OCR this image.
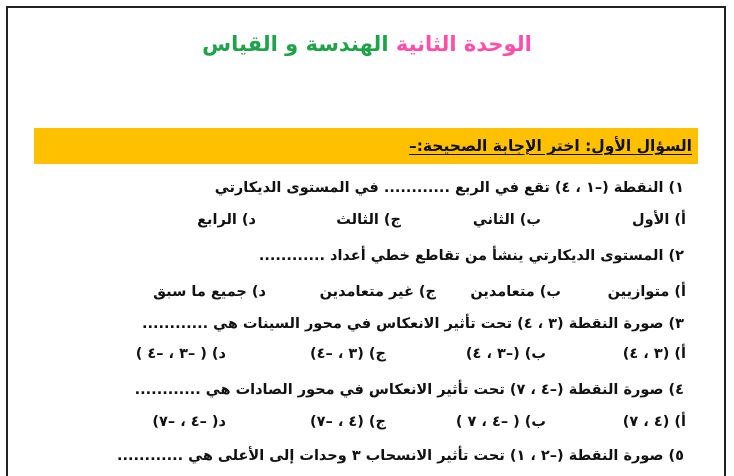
الوحدة الثانية الهندسة و القياس
السؤال الأول: اختر الإجابة الصحيحة:–
١) النقطة (–١ ، ٤) تقع في الربع ............ في المستوى الديكارتي
أ) الأول
ب) الثاني
ج) الثالث
د) الرابع
٢) المستوى الديكارتي ينشأ من تقاطع خطي أعداد ............
أ) متوازيين
ب) متعامدين
ج) غير متعامدين
د) جميع ما سبق
٣) صورة النقطة (٣ ، ٤) تحت تأثير الانعكاس في محور السينات هي ............
أ) (٣ ، ٤)
ب) (–٣ ، ٤)
ج) (٣ ، –٤)
د) ( –٣ ، –٤ )
٤) صورة النقطة (–٤ ، ٧) تحت تأثير الانعكاس في محور الصادات هي ............
أ) (٤ ، ٧)
ب) ( –٤ ، ٧ )
ج) (٤ ، –٧)
د( –٤ ، –٧)
٥) صورة النقطة (–٢ ، ١) تحت تأثير الانسحاب ٣ وحدات إلى الأعلى هي ............
